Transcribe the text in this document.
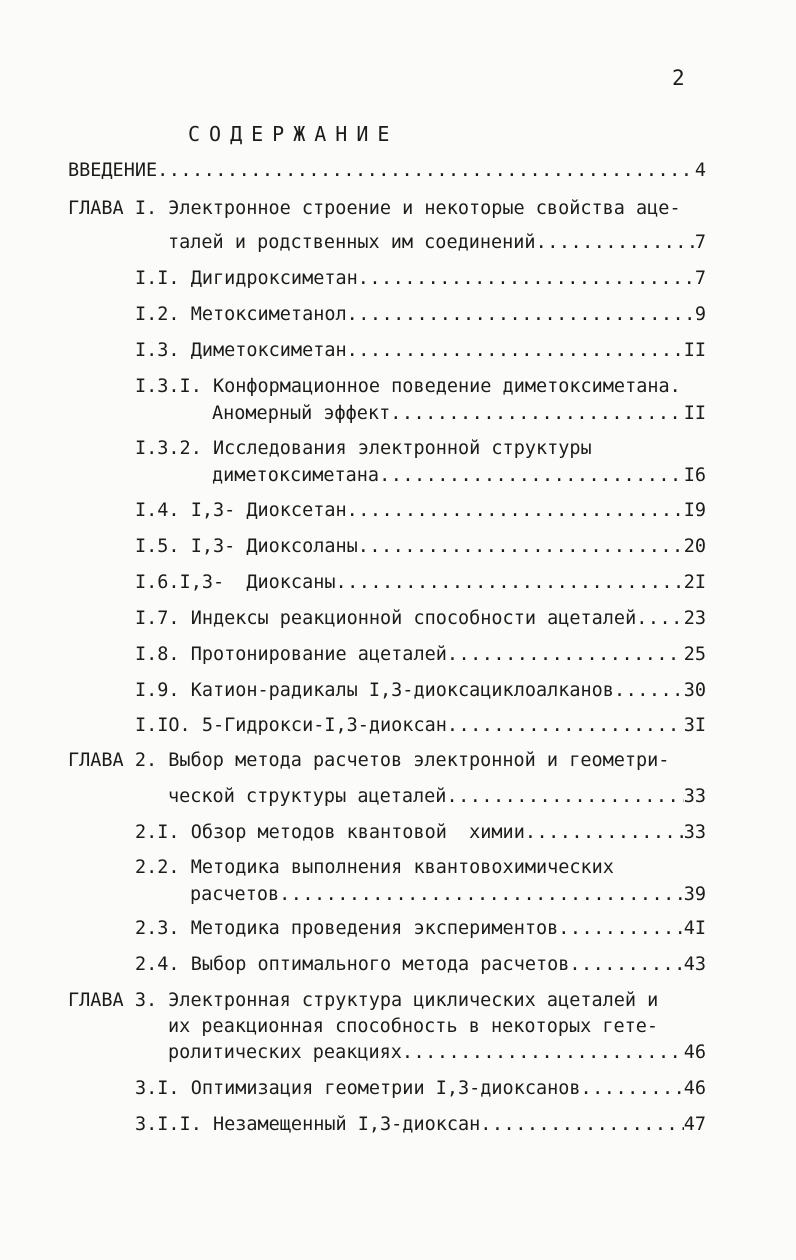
2
СОДЕРЖАНИЕ
ВВЕДЕНИЕ .....	4
ГЛАВА I. Электронное строение и некоторые свойства аце-
талей и родственных им соединений .....	7
I.I. Дигидроксиметан .....	7
I.2. Метоксиметанол .....	9
I.3. Диметоксиметан .....	II
I.3.I. Конформационное поведение диметоксиметана.
Аномерный эффект .....	II
I.3.2. Исследования электронной структуры
диметоксиметана .....	I6
I.4. I,3- Диоксетан .....	I9
I.5. I,3- Диоксоланы .....	20
I.6.I,3-  Диоксаны .....	2I
I.7. Индексы реакционной способности ацеталей .....	23
I.8. Протонирование ацеталей .....	25
I.9. Катион-радикалы I,3-диоксациклоалканов .....	30
I.IO. 5-Гидрокси-I,3-диоксан .....	3I
ГЛАВА 2. Выбор метода расчетов электронной и геометри-
ческой структуры ацеталей .....	33
2.I. Обзор методов квантовой  химии .....	33
2.2. Методика выполнения квантовохимических
расчетов .....	39
2.3. Методика проведения экспериментов .....	4I
2.4. Выбор оптимального метода расчетов .....	43
ГЛАВА 3. Электронная структура циклических ацеталей и
их реакционная способность в некоторых гете-
ролитических реакциях .....	46
3.I. Оптимизация геометрии I,3-диоксанов .....	46
3.I.I. Незамещенный I,3-диоксан .....	47
